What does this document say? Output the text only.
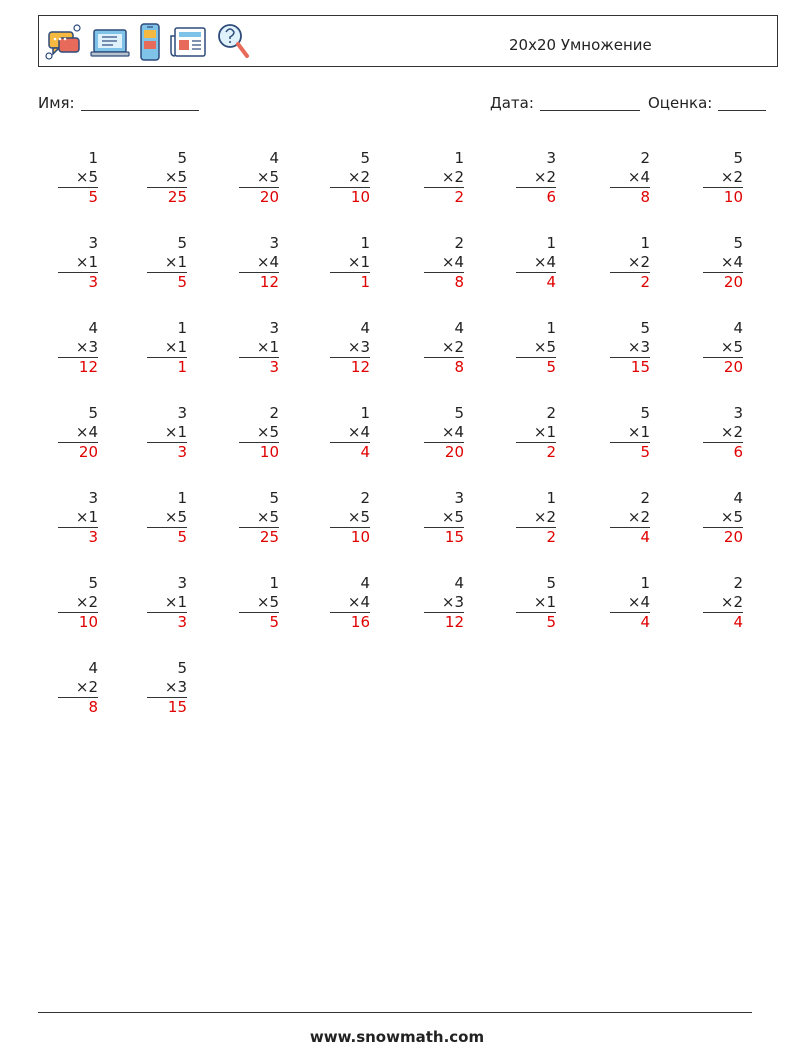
20x20 Умножение
Имя:	Дата:	Оценка:
1
×5
5
5
×5
25
4
×5
20
5
×2
10
1
×2
2
3
×2
6
2
×4
8
5
×2
10
3
×1
3
5
×1
5
3
×4
12
1
×1
1
2
×4
8
1
×4
4
1
×2
2
5
×4
20
4
×3
12
1
×1
1
3
×1
3
4
×3
12
4
×2
8
1
×5
5
5
×3
15
4
×5
20
5
×4
20
3
×1
3
2
×5
10
1
×4
4
5
×4
20
2
×1
2
5
×1
5
3
×2
6
3
×1
3
1
×5
5
5
×5
25
2
×5
10
3
×5
15
1
×2
2
2
×2
4
4
×5
20
5
×2
10
3
×1
3
1
×5
5
4
×4
16
4
×3
12
5
×1
5
1
×4
4
2
×2
4
4
×2
8
5
×3
15
www.snowmath.com
